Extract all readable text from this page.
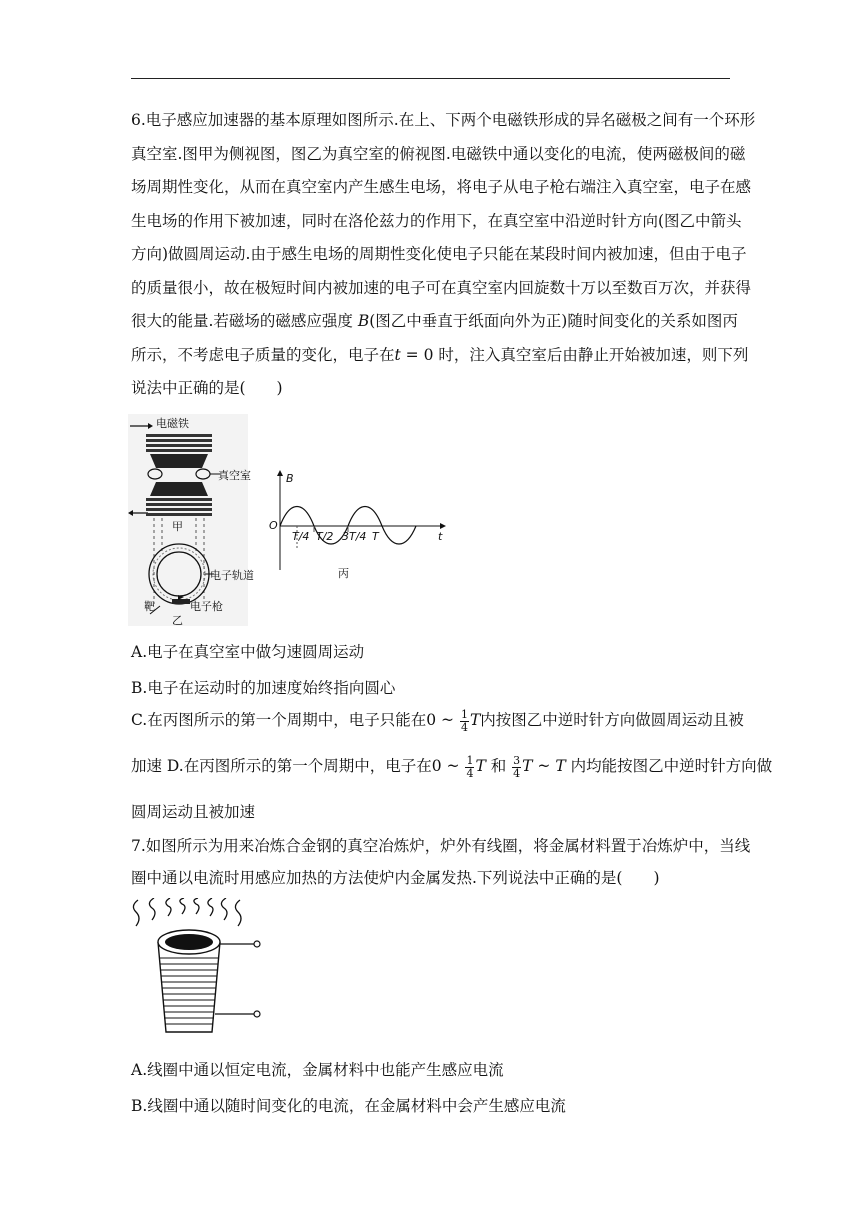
6.电子感应加速器的基本原理如图所示.在上、下两个电磁铁形成的异名磁极之间有一个环形
真空室.图甲为侧视图，图乙为真空室的俯视图.电磁铁中通以变化的电流，使两磁极间的磁
场周期性变化，从而在真空室内产生感生电场，将电子从电子枪右端注入真空室，电子在感
生电场的作用下被加速，同时在洛伦兹力的作用下，在真空室中沿逆时针方向(图乙中箭头
方向)做圆周运动.由于感生电场的周期性变化使电子只能在某段时间内被加速，但由于电子
的质量很小，故在极短时间内被加速的电子可在真空室内回旋数十万以至数百万次，并获得
很大的能量.若磁场的磁感应强度 B(图乙中垂直于纸面向外为正)随时间变化的关系如图丙
所示，不考虑电子质量的变化，电子在t = 0 时，注入真空室后由静止开始被加速，则下列
说法中正确的是(　　)
电磁铁
真空室
甲
电子轨道
靶	电子枪
乙
B
O
t
T/4 T/2 3T/4 T
丙
A.电子在真空室中做匀速圆周运动
B.电子在运动时的加速度始终指向圆心
C.在丙图所示的第一个周期中，电子只能在0 ~ $\frac{1}{4}$ T内按图乙中逆时针方向做圆周运动且被
加速 D.在丙图所示的第一个周期中，电子在0 ~ $\frac{1}{4}$ T 和 $\frac{3}{4}$ T ~ T 内均能按图乙中逆时针方向做
圆周运动且被加速
7.如图所示为用来冶炼合金钢的真空冶炼炉，炉外有线圈，将金属材料置于冶炼炉中，当线
圈中通以电流时用感应加热的方法使炉内金属发热.下列说法中正确的是(　　)
A.线圈中通以恒定电流，金属材料中也能产生感应电流
B.线圈中通以随时间变化的电流，在金属材料中会产生感应电流
